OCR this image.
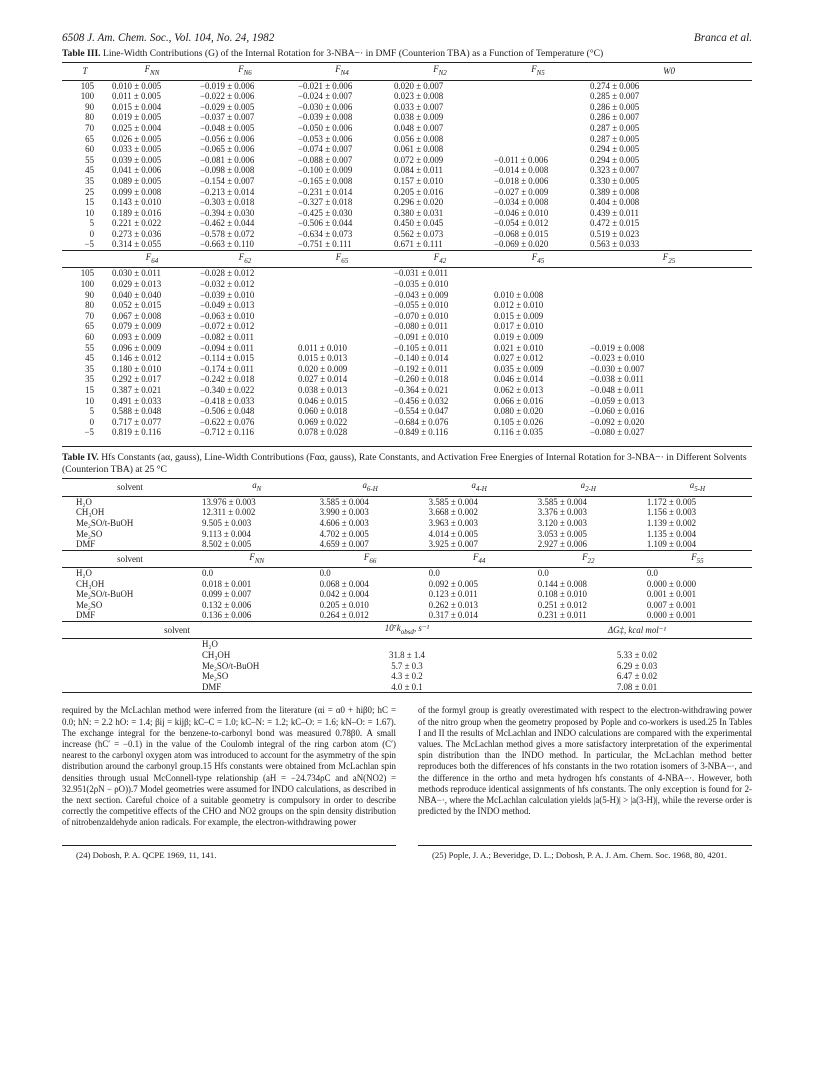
6508 J. Am. Chem. Soc., Vol. 104, No. 24, 1982	Branca et al.
Table III. Line-Width Contributions (G) of the Internal Rotation for 3-NBA−· in DMF (Counterion TBA) as a Function of Temperature (°C)
T	$F_{NN}$	$F_{N6}$	$F_{N4}$	$F_{N2}$	$F_{N5}$	W0
105	0.010 ± 0.005	−0.019 ± 0.006	−0.021 ± 0.006	0.020 ± 0.007		0.274 ± 0.006
100	0.011 ± 0.005	−0.022 ± 0.006	−0.024 ± 0.007	0.023 ± 0.008		0.285 ± 0.007
90	0.015 ± 0.004	−0.029 ± 0.005	−0.030 ± 0.006	0.033 ± 0.007		0.286 ± 0.005
80	0.019 ± 0.005	−0.037 ± 0.007	−0.039 ± 0.008	0.038 ± 0.009		0.286 ± 0.007
70	0.025 ± 0.004	−0.048 ± 0.005	−0.050 ± 0.006	0.048 ± 0.007		0.287 ± 0.005
65	0.026 ± 0.005	−0.056 ± 0.006	−0.053 ± 0.006	0.056 ± 0.008		0.287 ± 0.005
60	0.033 ± 0.005	−0.065 ± 0.006	−0.074 ± 0.007	0.061 ± 0.008		0.294 ± 0.005
55	0.039 ± 0.005	−0.081 ± 0.006	−0.088 ± 0.007	0.072 ± 0.009	−0.011 ± 0.006	0.294 ± 0.005
45	0.041 ± 0.006	−0.098 ± 0.008	−0.100 ± 0.009	0.084 ± 0.011	−0.014 ± 0.008	0.323 ± 0.007
35	0.089 ± 0.005	−0.154 ± 0.007	−0.165 ± 0.008	0.157 ± 0.010	−0.018 ± 0.006	0.330 ± 0.005
25	0.099 ± 0.008	−0.213 ± 0.014	−0.231 ± 0.014	0.205 ± 0.016	−0.027 ± 0.009	0.389 ± 0.008
15	0.143 ± 0.010	−0.303 ± 0.018	−0.327 ± 0.018	0.296 ± 0.020	−0.034 ± 0.008	0.404 ± 0.008
10	0.189 ± 0.016	−0.394 ± 0.030	−0.425 ± 0.030	0.380 ± 0.031	−0.046 ± 0.010	0.439 ± 0.011
5	0.221 ± 0.022	−0.462 ± 0.044	−0.506 ± 0.044	0.450 ± 0.045	−0.054 ± 0.012	0.472 ± 0.015
0	0.273 ± 0.036	−0.578 ± 0.072	−0.634 ± 0.073	0.562 ± 0.073	−0.068 ± 0.015	0.519 ± 0.023
−5	0.314 ± 0.055	−0.663 ± 0.110	−0.751 ± 0.111	0.671 ± 0.111	−0.069 ± 0.020	0.563 ± 0.033
	$F_{64}$	$F_{62}$	$F_{65}$	$F_{42}$	$F_{45}$	$F_{25}$
105	0.030 ± 0.011	−0.028 ± 0.012		−0.031 ± 0.011		
100	0.029 ± 0.013	−0.032 ± 0.012		−0.035 ± 0.010		
90	0.040 ± 0.040	−0.039 ± 0.010		−0.043 ± 0.009	0.010 ± 0.008	
80	0.052 ± 0.015	−0.049 ± 0.013		−0.055 ± 0.010	0.012 ± 0.010	
70	0.067 ± 0.008	−0.063 ± 0.010		−0.070 ± 0.010	0.015 ± 0.009	
65	0.079 ± 0.009	−0.072 ± 0.012		−0.080 ± 0.011	0.017 ± 0.010	
60	0.093 ± 0.009	−0.082 ± 0.011		−0.091 ± 0.010	0.019 ± 0.009	
55	0.096 ± 0.009	−0.094 ± 0.011	0.011 ± 0.010	−0.105 ± 0.011	0.021 ± 0.010	−0.019 ± 0.008
45	0.146 ± 0.012	−0.114 ± 0.015	0.015 ± 0.013	−0.140 ± 0.014	0.027 ± 0.012	−0.023 ± 0.010
35	0.180 ± 0.010	−0.174 ± 0.011	0.020 ± 0.009	−0.192 ± 0.011	0.035 ± 0.009	−0.030 ± 0.007
35	0.292 ± 0.017	−0.242 ± 0.018	0.027 ± 0.014	−0.260 ± 0.018	0.046 ± 0.014	−0.038 ± 0.011
15	0.387 ± 0.021	−0.340 ± 0.022	0.038 ± 0.013	−0.364 ± 0.021	0.062 ± 0.013	−0.048 ± 0.011
10	0.491 ± 0.033	−0.418 ± 0.033	0.046 ± 0.015	−0.456 ± 0.032	0.066 ± 0.016	−0.059 ± 0.013
5	0.588 ± 0.048	−0.506 ± 0.048	0.060 ± 0.018	−0.554 ± 0.047	0.080 ± 0.020	−0.060 ± 0.016
0	0.717 ± 0.077	−0.622 ± 0.076	0.069 ± 0.022	−0.684 ± 0.076	0.105 ± 0.026	−0.092 ± 0.020
−5	0.819 ± 0.116	−0.712 ± 0.116	0.078 ± 0.028	−0.849 ± 0.116	0.116 ± 0.035	−0.080 ± 0.027
Table IV. Hfs Constants (aα, gauss), Line-Width Contributions (Fαα, gauss), Rate Constants, and Activation Free Energies of Internal Rotation for 3-NBA−· in Different Solvents (Counterion TBA) at 25 °C
solvent	$a_N$	$a_{6-H}$	$a_{4-H}$	$a_{2-H}$	$a_{5-H}$
H₂O	13.976 ± 0.003	3.585 ± 0.004	3.585 ± 0.004	3.585 ± 0.004	1.172 ± 0.005
CH₃OH	12.311 ± 0.002	3.990 ± 0.003	3.668 ± 0.002	3.376 ± 0.003	1.156 ± 0.003
Me₂SO/t-BuOH	9.505 ± 0.003	4.606 ± 0.003	3.963 ± 0.003	3.120 ± 0.003	1.139 ± 0.002
Me₂SO	9.113 ± 0.004	4.702 ± 0.005	4.014 ± 0.005	3.053 ± 0.005	1.135 ± 0.004
DMF	8.502 ± 0.005	4.659 ± 0.007	3.925 ± 0.007	2.927 ± 0.006	1.109 ± 0.004
solvent	$F_{NN}$	$F_{66}$	$F_{44}$	$F_{22}$	$F_{55}$
H₂O	0.0	0.0	0.0	0.0	0.0
CH₃OH	0.018 ± 0.001	0.068 ± 0.004	0.092 ± 0.005	0.144 ± 0.008	0.000 ± 0.000
Me₂SO/t-BuOH	0.099 ± 0.007	0.042 ± 0.004	0.123 ± 0.011	0.108 ± 0.010	0.001 ± 0.001
Me₂SO	0.132 ± 0.006	0.205 ± 0.010	0.262 ± 0.013	0.251 ± 0.012	0.007 ± 0.001
DMF	0.136 ± 0.006	0.264 ± 0.012	0.317 ± 0.014	0.231 ± 0.011	0.000 ± 0.001
solvent	$10^7k_{obsd}$, s⁻¹	ΔG‡, kcal mol⁻¹
H₂O		
CH₃OH	31.8 ± 1.4	5.33 ± 0.02
Me₂SO/t-BuOH	5.7 ± 0.3	6.29 ± 0.03
Me₂SO	4.3 ± 0.2	6.47 ± 0.02
DMF	4.0 ± 0.1	7.08 ± 0.01

required by the McLachlan method were inferred from the literature (αi = α0 + hiβ0; hC = 0.0; hN: = 2.2 hO: = 1.4; βij = kijβ; kC–C = 1.0; kC–N: = 1.2; kC–O: = 1.6; kN–O: = 1.67). The exchange integral for the benzene-to-carbonyl bond was measured 0.78β0. A small increase (hC′ = −0.1) in the value of the Coulomb integral of the ring carbon atom (C′) nearest to the carbonyl oxygen atom was introduced to account for the asymmetry of the spin distribution around the carbonyl group.15 Hfs constants were obtained from McLachlan spin densities through usual McConnell-type relationship (aH = −24.734ρC and aN(NO2) = 32.951(2ρN − ρO)).7 Model geometries were assumed for INDO calculations, as described in the next section. Careful choice of a suitable geometry is compulsory in order to describe correctly the competitive effects of the CHO and NO2 groups on the spin density distribution of nitrobenzaldehyde anion radicals. For example, the electron-withdrawing power
of the formyl group is greatly overestimated with respect to the electron-withdrawing power of the nitro group when the geometry proposed by Pople and co-workers is used.25 In Tables I and II the results of McLachlan and INDO calculations are compared with the experimental values. The McLachlan method gives a more satisfactory interpretation of the experimental spin distribution than the INDO method. In particular, the McLachlan method better reproduces both the differences of hfs constants in the two rotation isomers of 3-NBA−·, and the difference in the ortho and meta hydrogen hfs constants of 4-NBA−·. However, both methods reproduce identical assignments of hfs constants. The only exception is found for 2-NBA−·, where the McLachlan calculation yields |a(5-H)| > |a(3-H)|, while the reverse order is predicted by the INDO method.
(24) Dobosh, P. A. QCPE 1969, 11, 141.	(25) Pople, J. A.; Beveridge, D. L.; Dobosh, P. A. J. Am. Chem. Soc. 1968, 80, 4201.
